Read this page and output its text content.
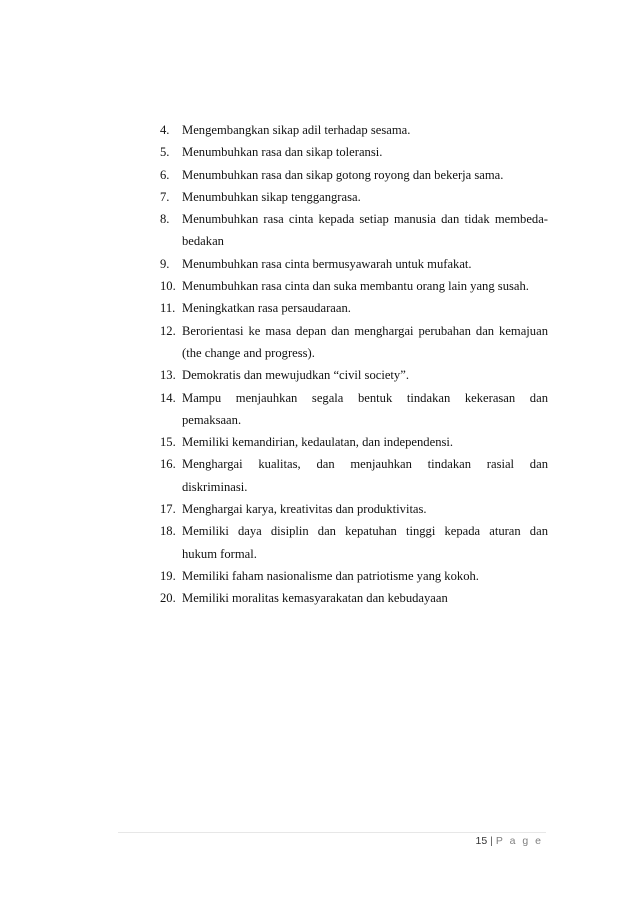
4. Mengembangkan sikap adil terhadap sesama.
5. Menumbuhkan rasa dan sikap toleransi.
6. Menumbuhkan rasa dan sikap gotong royong dan bekerja sama.
7. Menumbuhkan sikap tenggangrasa.
8. Menumbuhkan rasa cinta kepada setiap manusia dan tidak membeda-
bedakan
9. Menumbuhkan rasa cinta bermusyawarah untuk mufakat.
10. Menumbuhkan rasa cinta dan suka membantu orang lain yang susah.
11. Meningkatkan rasa persaudaraan.
12. Berorientasi ke masa depan dan menghargai perubahan dan kemajuan
(the change and progress).
13. Demokratis dan mewujudkan “civil society”.
14. Mampu menjauhkan segala bentuk tindakan kekerasan dan
pemaksaan.
15. Memiliki kemandirian, kedaulatan, dan independensi.
16. Menghargai kualitas, dan menjauhkan tindakan rasial dan
diskriminasi.
17. Menghargai karya, kreativitas dan produktivitas.
18. Memiliki daya disiplin dan kepatuhan tinggi kepada aturan dan
hukum formal.
19. Memiliki faham nasionalisme dan patriotisme yang kokoh.
20. Memiliki moralitas kemasyarakatan dan kebudayaan
15 | P a g e
